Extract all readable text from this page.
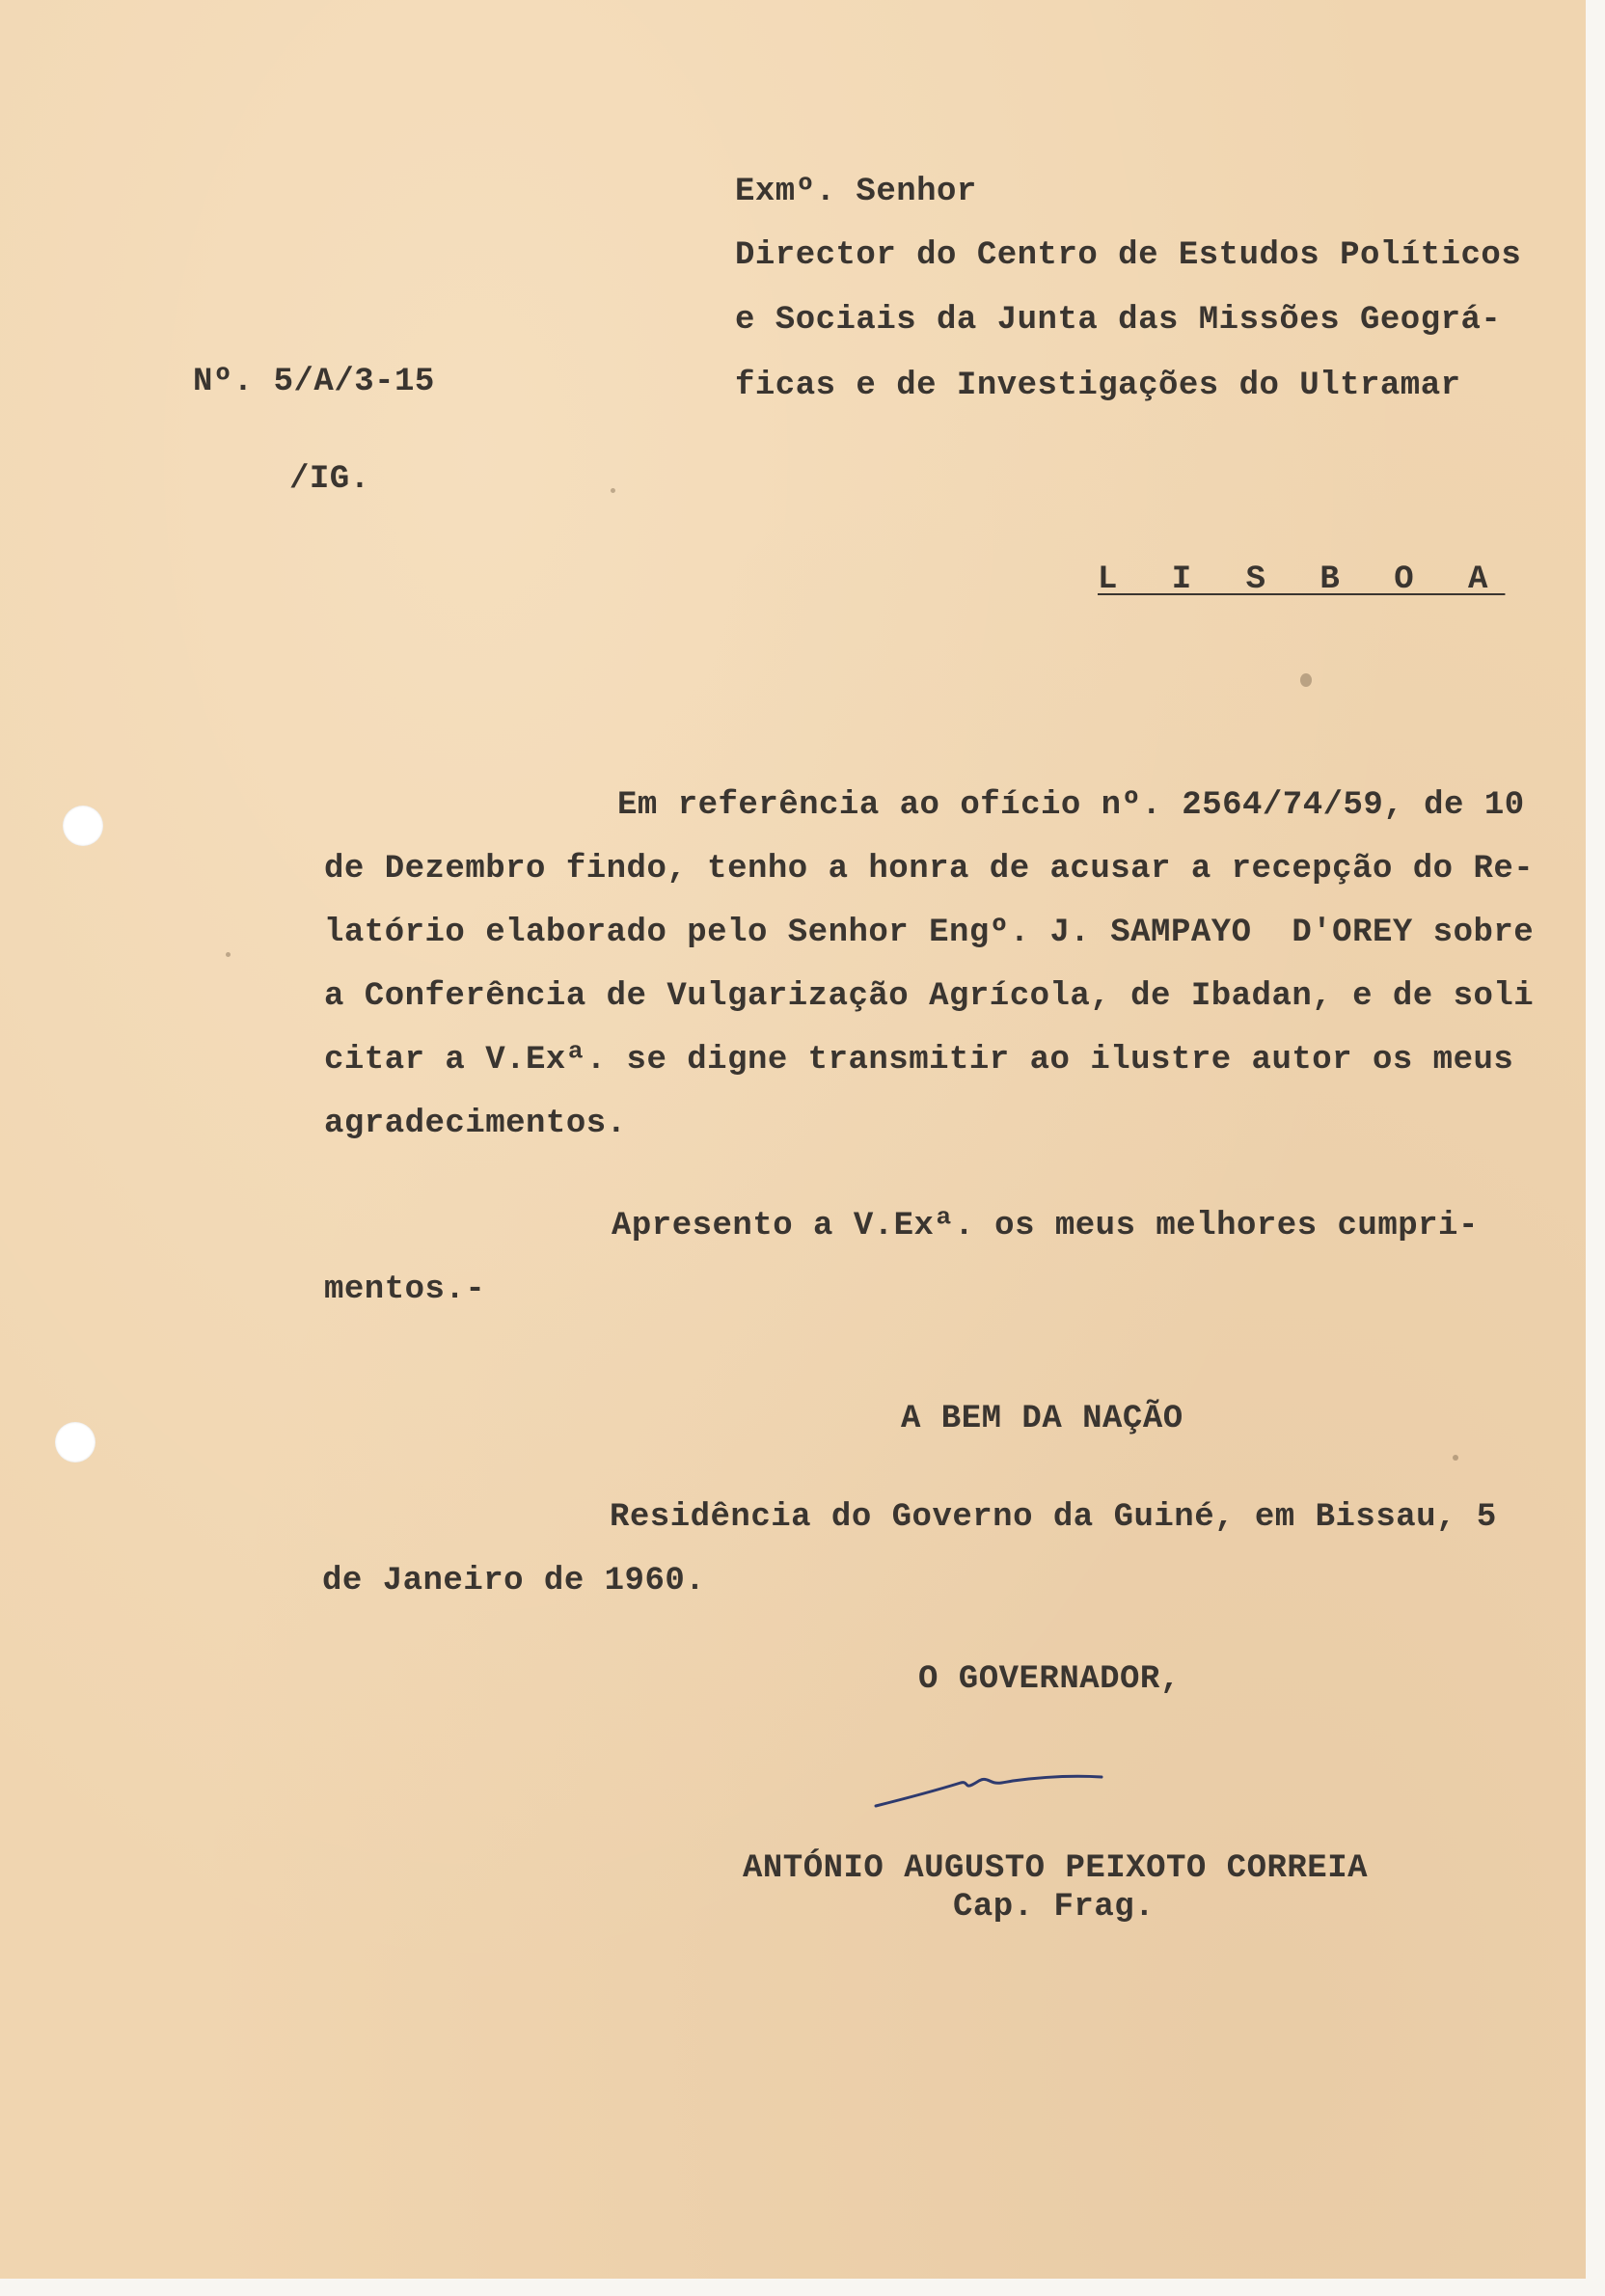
Exmº. Senhor
Director do Centro de Estudos Políticos
e Sociais da Junta das Missões Geográ-
ficas e de Investigações do Ultramar
Nº. 5/A/3-15
/IG.
L I S B O A
Em referência ao ofício nº. 2564/74/59, de 10
de Dezembro findo, tenho a honra de acusar a recepção do Re-
latório elaborado pelo Senhor Engº. J. SAMPAYO  D'OREY sobre
a Conferência de Vulgarização Agrícola, de Ibadan, e de soli
citar a V.Exª. se digne transmitir ao ilustre autor os meus
agradecimentos.
Apresento a V.Exª. os meus melhores cumpri-
mentos.-
A BEM DA NAÇÃO
Residência do Governo da Guiné, em Bissau, 5
de Janeiro de 1960.
O GOVERNADOR,
ANTÓNIO AUGUSTO PEIXOTO CORREIA
Cap. Frag.
